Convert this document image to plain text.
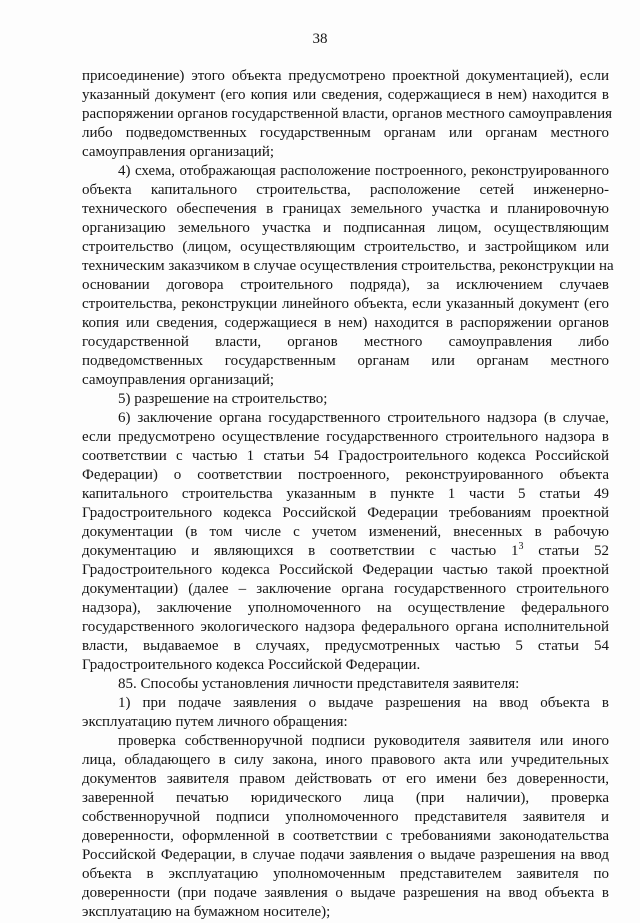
38
присоединение) этого объекта предусмотрено проектной документацией), если
указанный документ (его копия или сведения, содержащиеся в нем) находится в
распоряжении органов государственной власти, органов местного самоуправления
либо подведомственных государственным органам или органам местного
самоуправления организаций;
4) схема, отображающая расположение построенного, реконструированного
объекта капитального строительства, расположение сетей инженерно-
технического обеспечения в границах земельного участка и планировочную
организацию земельного участка и подписанная лицом, осуществляющим
строительство (лицом, осуществляющим строительство, и застройщиком или
техническим заказчиком в случае осуществления строительства, реконструкции на
основании договора строительного подряда), за исключением случаев
строительства, реконструкции линейного объекта, если указанный документ (его
копия или сведения, содержащиеся в нем) находится в распоряжении органов
государственной власти, органов местного самоуправления либо
подведомственных государственным органам или органам местного
самоуправления организаций;
5) разрешение на строительство;
6) заключение органа государственного строительного надзора (в случае,
если предусмотрено осуществление государственного строительного надзора в
соответствии с частью 1 статьи 54 Градостроительного кодекса Российской
Федерации) о соответствии построенного, реконструированного объекта
капитального строительства указанным в пункте 1 части 5 статьи 49
Градостроительного кодекса Российской Федерации требованиям проектной
документации (в том числе с учетом изменений, внесенных в рабочую
документацию и являющихся в соответствии с частью $1^3$ статьи 52
Градостроительного кодекса Российской Федерации частью такой проектной
документации) (далее – заключение органа государственного строительного
надзора), заключение уполномоченного на осуществление федерального
государственного экологического надзора федерального органа исполнительной
власти, выдаваемое в случаях, предусмотренных частью 5 статьи 54
Градостроительного кодекса Российской Федерации.
85. Способы установления личности представителя заявителя:
1) при подаче заявления о выдаче разрешения на ввод объекта в
эксплуатацию путем личного обращения:
проверка собственноручной подписи руководителя заявителя или иного
лица, обладающего в силу закона, иного правового акта или учредительных
документов заявителя правом действовать от его имени без доверенности,
заверенной печатью юридического лица (при наличии), проверка
собственноручной подписи уполномоченного представителя заявителя и
доверенности, оформленной в соответствии с требованиями законодательства
Российской Федерации, в случае подачи заявления о выдаче разрешения на ввод
объекта в эксплуатацию уполномоченным представителем заявителя по
доверенности (при подаче заявления о выдаче разрешения на ввод объекта в
эксплуатацию на бумажном носителе);
